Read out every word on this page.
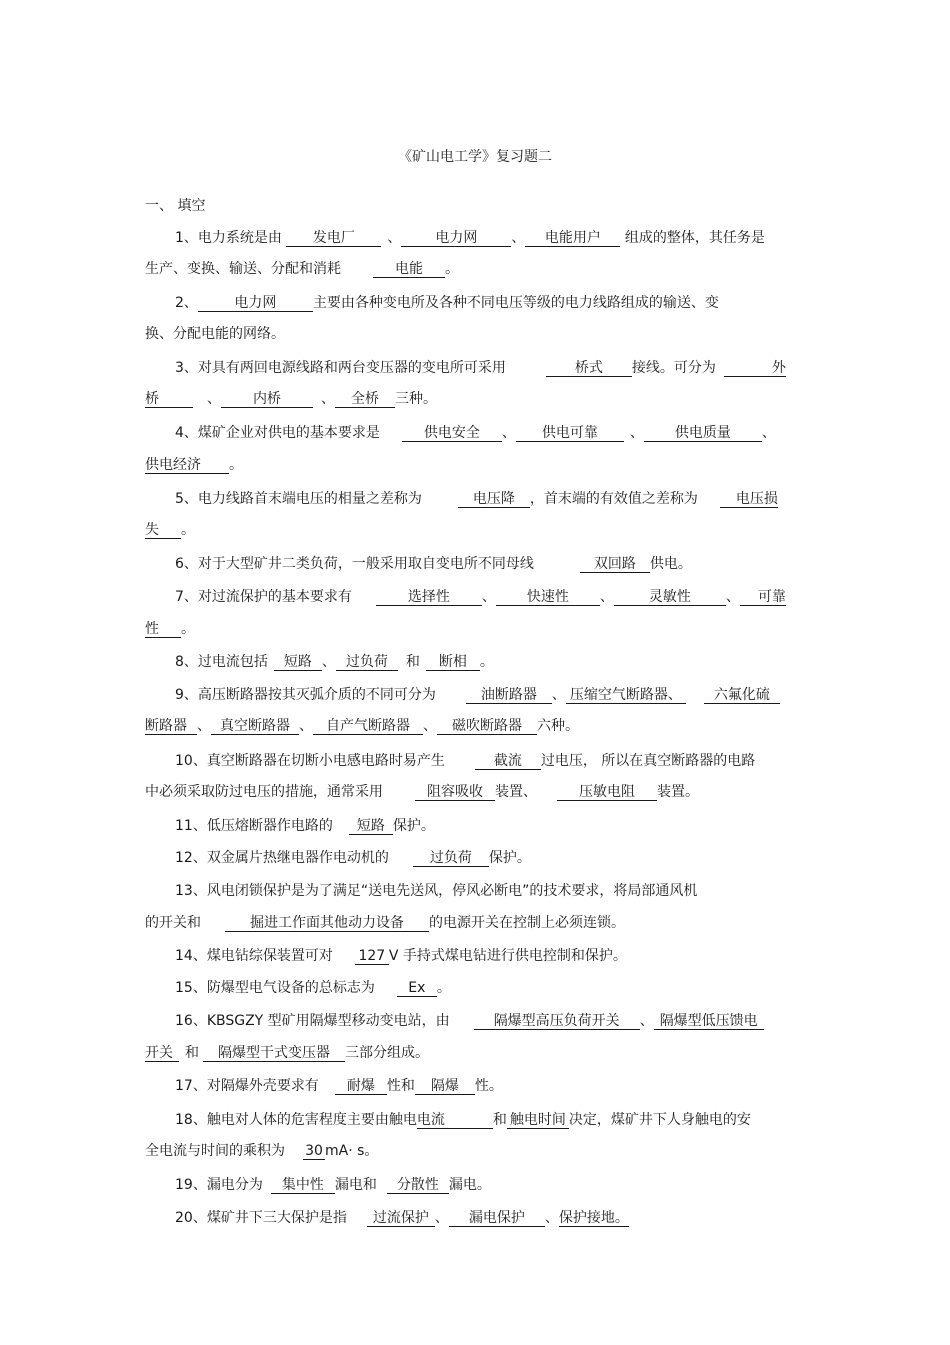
《矿山电工学》复习题二
一、 填空
1、电力系统是由 发电厂 、 电力网 、 电能用户 组成的整体，其任务是
生产、变换、输送、分配和消耗	电能 。
2、	电力网	主要由各种变电所及各种不同电压等级的电力线路组成的输送、变
换、分配电能的网络。
3、对具有两回电源线路和两台变压器的变电所可采用	桥式 接线。可分为	外
桥	、 内桥	、 全桥 三种。
4、煤矿企业对供电的基本要求是	供电安全 、 供电可靠 、 供电质量 、
供电经济 。
5、电力线路首末端电压的相量之差称为	电压降 ，首末端的有效值之差称为	电压损
失 。
6、对于大型矿井二类负荷，一般采用取自变电所不同母线	双回路 供电。
7、对过流保护的基本要求有	选择性 、 快速性 、	灵敏性	、 可靠
性 。
8、过电流包括 短路 、 过负荷 和 断相 。
9、高压断路器按其灭弧介质的不同可分为	油断路器 、 压缩空气断路器、 六氟化硫
断路器 、 真空断路器 、 自产气断路器 、 磁吹断路器 六种。
10、真空断路器在切断小电感电路时易产生	截流 过电压， 所以在真空断路器的电路
中必须采取防过电压的措施，通常采用	阻容吸收 装置、	压敏电阻 装置。
11、低压熔断器作电路的 短路 保护。
12、双金属片热继电器作电动机的	过负荷 保护。
13、风电闭锁保护是为了满足“送电先送风，停风必断电”的技术要求，将局部通风机
的开关和	掘进工作面其他动力设备 的电源开关在控制上必须连锁。
14、煤电钻综保装置可对 127 V 手持式煤电钻进行供电控制和保护。
15、防爆型电气设备的总标志为 Ex 。
16、KBSGZY 型矿用隔爆型移动变电站，由	隔爆型高压负荷开关 、 隔爆型低压馈电
开关 和 隔爆型干式变压器 三部分组成。
17、对隔爆外壳要求有 耐爆 性和 隔爆 性。
18、触电对人体的危害程度主要由触电电流	和 触电时间 决定，煤矿井下人身触电的安
全电流与时间的乘积为 30 mA· s。
19、漏电分为 集中性 漏电和 分散性 漏电。
20、煤矿井下三大保护是指 过流保护 、 漏电保护 、保护接地。
